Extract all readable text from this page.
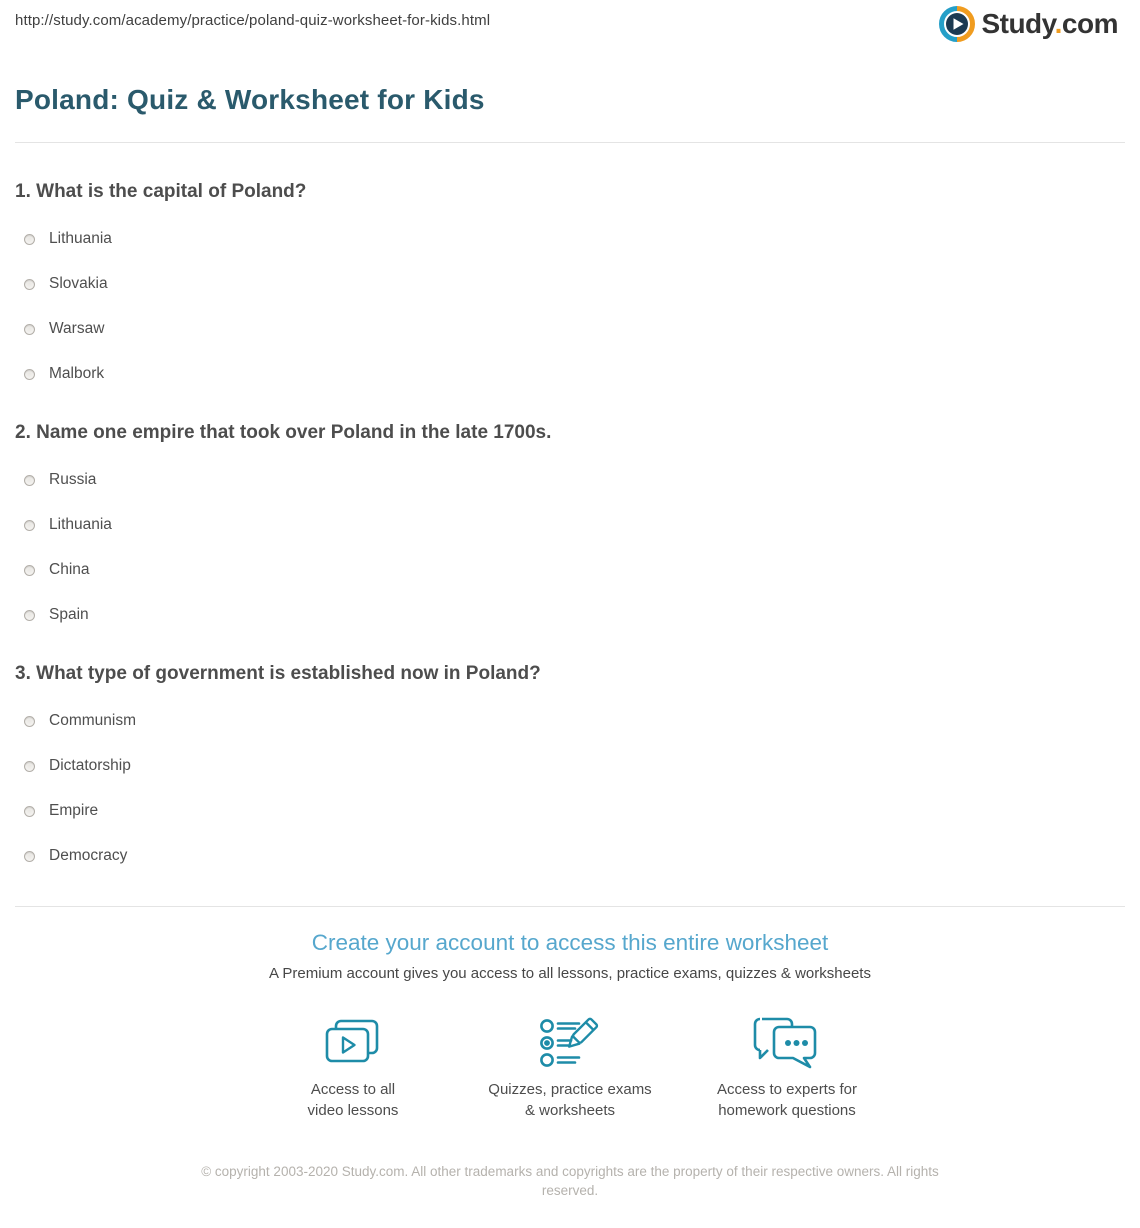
http://study.com/academy/practice/poland-quiz-worksheet-for-kids.html	Study.com
Poland: Quiz & Worksheet for Kids
1. What is the capital of Poland?
Lithuania
Slovakia
Warsaw
Malbork
2. Name one empire that took over Poland in the late 1700s.
Russia
Lithuania
China
Spain
3. What type of government is established now in Poland?
Communism
Dictatorship
Empire
Democracy
Create your account to access this entire worksheet
A Premium account gives you access to all lessons, practice exams, quizzes & worksheets
Access to all
video lessons
Quizzes, practice exams
& worksheets
Access to experts for
homework questions
© copyright 2003-2020 Study.com. All other trademarks and copyrights are the property of their respective owners. All rights reserved.
